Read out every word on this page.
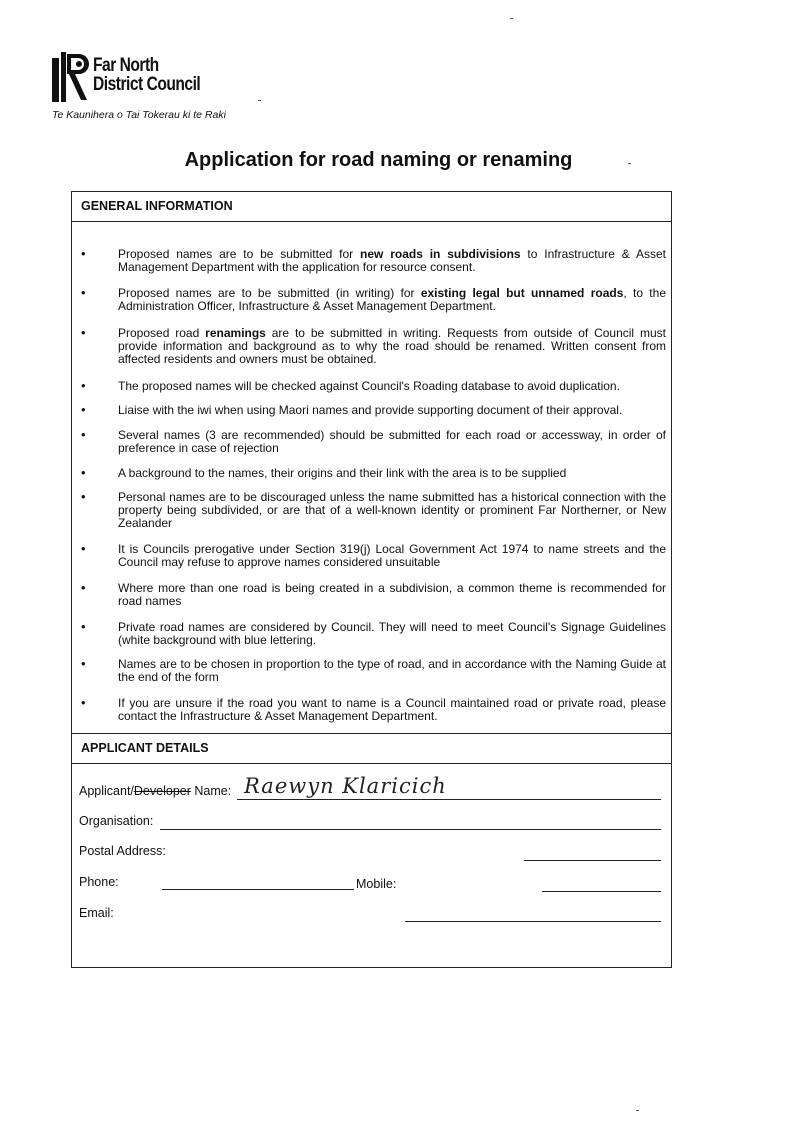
Far North
District Council
Te Kaunihera o Tai Tokerau ki te Raki
Application for road naming or renaming
GENERAL INFORMATION
•	Proposed names are to be submitted for new roads in subdivisions to Infrastructure & Asset Management Department with the application for resource consent.
•	Proposed names are to be submitted (in writing) for existing legal but unnamed roads, to the Administration Officer, Infrastructure & Asset Management Department.
•	Proposed road renamings are to be submitted in writing. Requests from outside of Council must provide information and background as to why the road should be renamed. Written consent from affected residents and owners must be obtained.
•	The proposed names will be checked against Council's Roading database to avoid duplication.
•	Liaise with the iwi when using Maori names and provide supporting document of their approval.
•	Several names (3 are recommended) should be submitted for each road or accessway, in order of preference in case of rejection
•	A background to the names, their origins and their link with the area is to be supplied
•	Personal names are to be discouraged unless the name submitted has a historical connection with the property being subdivided, or are that of a well-known identity or prominent Far Northerner, or New Zealander
•	It is Councils prerogative under Section 319(j) Local Government Act 1974 to name streets and the Council may refuse to approve names considered unsuitable
•	Where more than one road is being created in a subdivision, a common theme is recommended for road names
•	Private road names are considered by Council. They will need to meet Council's Signage Guidelines (white background with blue lettering.
•	Names are to be chosen in proportion to the type of road, and in accordance with the Naming Guide at the end of the form
•	If you are unsure if the road you want to name is a Council maintained road or private road, please contact the Infrastructure & Asset Management Department.
APPLICANT DETAILS
Applicant/Developer Name: Raewyn Klaricich
Organisation:
Postal Address:
Phone:	Mobile:
Email:
